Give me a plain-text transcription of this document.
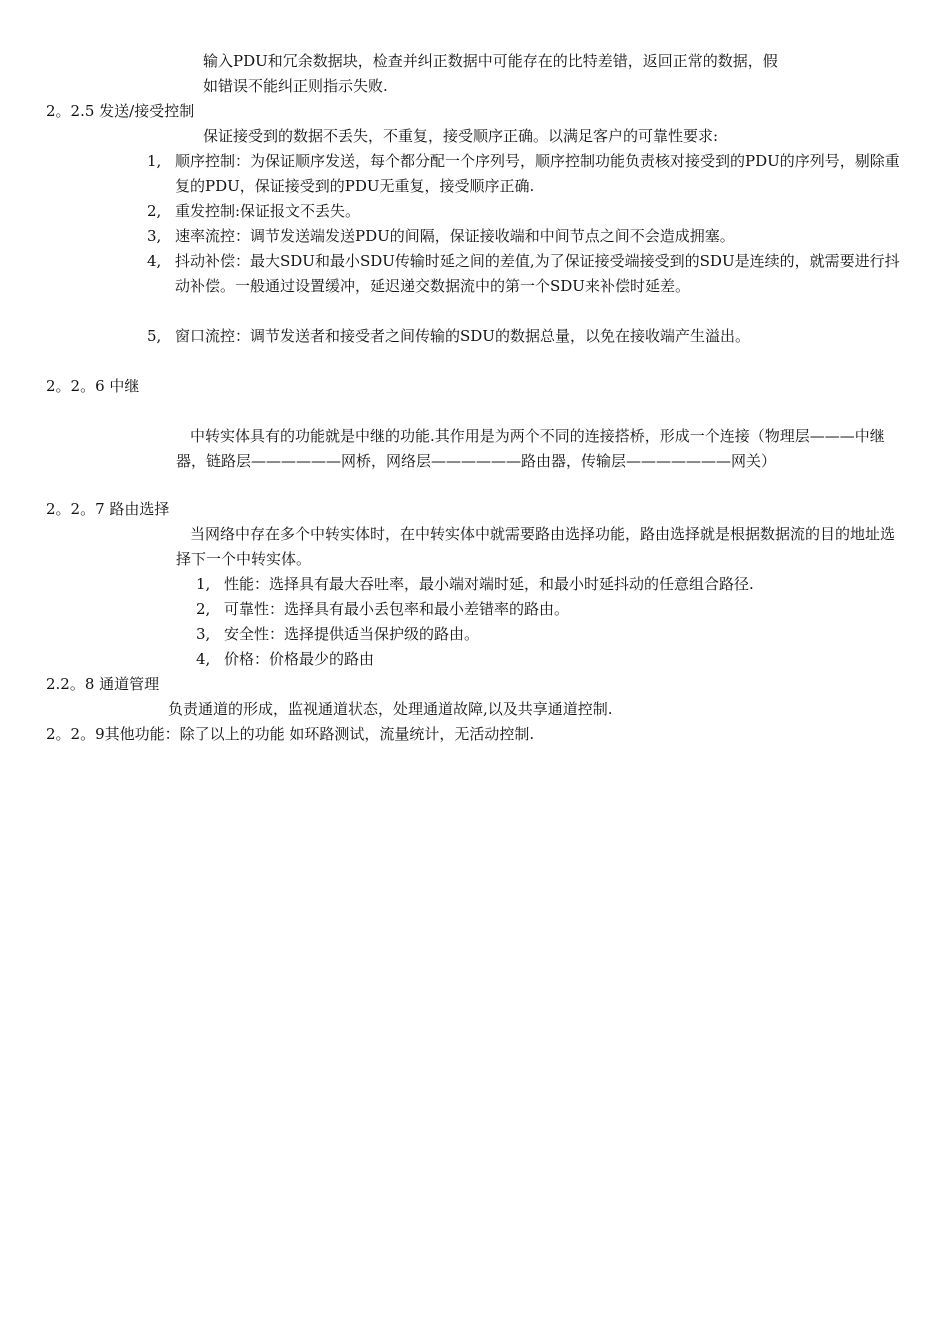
输入PDU和冗余数据块，检查并纠正数据中可能存在的比特差错，返回正常的数据，假
如错误不能纠正则指示失败.
2。2.5 发送/接受控制
保证接受到的数据不丢失，不重复，接受顺序正确。以满足客户的可靠性要求:
1, 顺序控制：为保证顺序发送，每个都分配一个序列号，顺序控制功能负责核对接受到的PDU的序列号，剔除重复的PDU，保证接受到的PDU无重复，接受顺序正确.
2, 重发控制:保证报文不丢失。
3, 速率流控：调节发送端发送PDU的间隔，保证接收端和中间节点之间不会造成拥塞。
4, 抖动补偿：最大SDU和最小SDU传输时延之间的差值,为了保证接受端接受到的SDU是连续的，就需要进行抖动补偿。一般通过设置缓冲，延迟递交数据流中的第一个SDU来补偿时延差。
5, 窗口流控：调节发送者和接受者之间传输的SDU的数据总量，以免在接收端产生溢出。
2。2。6 中继
中转实体具有的功能就是中继的功能.其作用是为两个不同的连接搭桥，形成一个连接（物理层———中继器，链路层——————网桥，网络层——————路由器，传输层———————网关）
2。2。7 路由选择
当网络中存在多个中转实体时，在中转实体中就需要路由选择功能，路由选择就是根据数据流的目的地址选择下一个中转实体。
1, 性能：选择具有最大吞吐率，最小端对端时延，和最小时延抖动的任意组合路径.
2, 可靠性：选择具有最小丢包率和最小差错率的路由。
3, 安全性：选择提供适当保护级的路由。
4, 价格：价格最少的路由
2.2。8 通道管理
负责通道的形成，监视通道状态，处理通道故障,以及共享通道控制.
2。2。9其他功能：除了以上的功能 如环路测试，流量统计，无活动控制.
